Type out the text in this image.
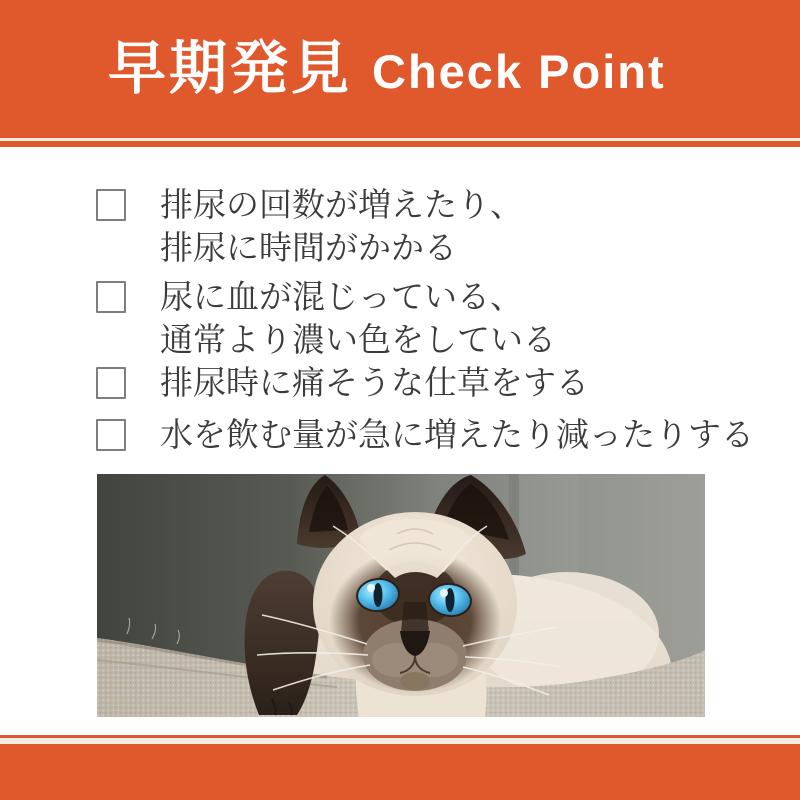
早期発見 Check Point
排尿の回数が増えたり、
排尿に時間がかかる
尿に血が混じっている、
通常より濃い色をしている
排尿時に痛そうな仕草をする
水を飲む量が急に増えたり減ったりする
